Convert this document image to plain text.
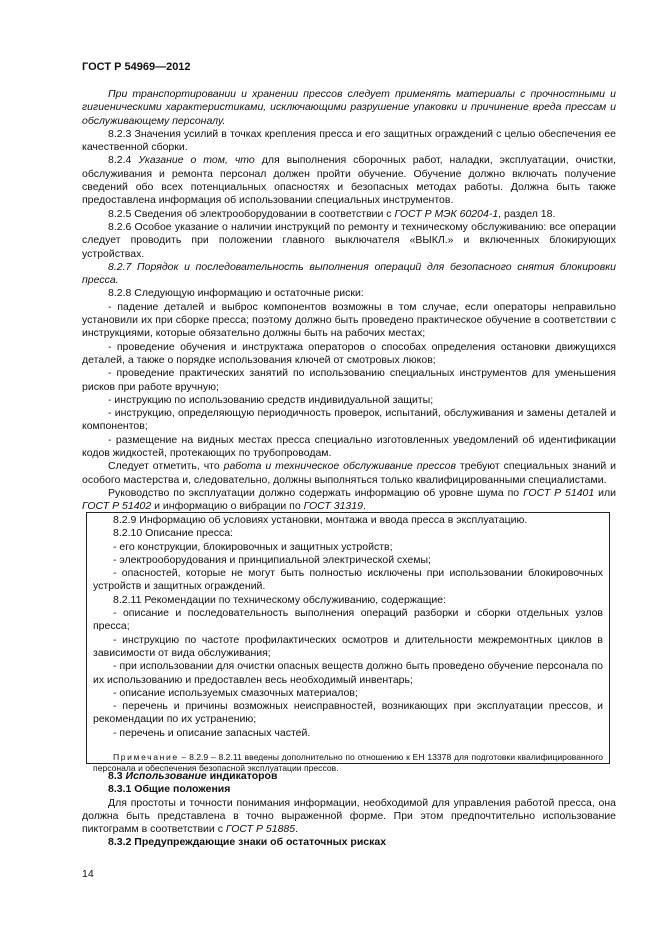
ГОСТ Р 54969—2012

При транспортировании и хранении прессов следует применять материалы с прочностными и гигиеническими характеристиками, исключающими разрушение упаковки и причинение вреда прессам и обслуживающему персоналу.

8.2.3 Значения усилий в точках крепления пресса и его защитных ограждений с целью обеспечения ее качественной сборки.

8.2.4 Указание о том, что для выполнения сборочных работ, наладки, эксплуатации, очистки, обслуживания и ремонта персонал должен пройти обучение. Обучение должно включать получение сведений обо всех потенциальных опасностях и безопасных методах работы. Должна быть также предоставлена информация об использовании специальных инструментов.

8.2.5 Сведения об электрооборудовании в соответствии с ГОСТ Р МЭК 60204-1, раздел 18.

8.2.6 Особое указание о наличии инструкций по ремонту и техническому обслуживанию: все операции следует проводить при положении главного выключателя «ВЫКЛ.» и включенных блокирующих устройствах.

8.2.7 Порядок и последовательность выполнения операций для безопасного снятия блокировки пресса.

8.2.8 Следующую информацию и остаточные риски:

- падение деталей и выброс компонентов возможны в том случае, если операторы неправильно установили их при сборке пресса; поэтому должно быть проведено практическое обучение в соответствии с инструкциями, которые обязательно должны быть на рабочих местах;

- проведение обучения и инструктажа операторов о способах определения остановки движущихся деталей, а также о порядке использования ключей от смотровых люков;

- проведение практических занятий по использованию специальных инструментов для уменьшения рисков при работе вручную;

- инструкцию по использованию средств индивидуальной защиты;

- инструкцию, определяющую периодичность проверок, испытаний, обслуживания и замены деталей и компонентов;

- размещение на видных местах пресса специально изготовленных уведомлений об идентификации кодов жидкостей, протекающих по трубопроводам.

Следует отметить, что работа и техническое обслуживание прессов требуют специальных знаний и особого мастерства и, следовательно, должны выполняться только квалифицированными специалистами.

Руководство по эксплуатации должно содержать информацию об уровне шума по ГОСТ Р 51401 или ГОСТ Р 51402 и информацию о вибрации по ГОСТ 31319.

8.2.9 Информацию об условиях установки, монтажа и ввода пресса в эксплуатацию.

8.2.10 Описание пресса:

- его конструкции, блокировочных и защитных устройств;

- электрооборудования и принципиальной электрической схемы;

- опасностей, которые не могут быть полностью исключены при использовании блокировочных устройств и защитных ограждений.

8.2.11 Рекомендации по техническому обслуживанию, содержащие:

- описание и последовательность выполнения операций разборки и сборки отдельных узлов пресса;

- инструкцию по частоте профилактических осмотров и длительности межремонтных циклов в зависимости от вида обслуживания;

- при использовании для очистки опасных веществ должно быть проведено обучение персонала по их использованию и предоставлен весь необходимый инвентарь;

- описание используемых смазочных материалов;

- перечень и причины возможных неисправностей, возникающих при эксплуатации прессов, и рекомендации по их устранению;

- перечень и описание запасных частей.

Примечание – 8.2.9 – 8.2.11 введены дополнительно по отношению к ЕН 13378 для подготовки квалифицированного персонала и обеспечения безопасной эксплуатации прессов.

8.3 Использование индикаторов

8.3.1 Общие положения

Для простоты и точности понимания информации, необходимой для управления работой пресса, она должна быть представлена в точно выраженной форме. При этом предпочтительно использование пиктограмм в соответствии с ГОСТ Р 51885.

8.3.2 Предупреждающие знаки об остаточных рисках

14
